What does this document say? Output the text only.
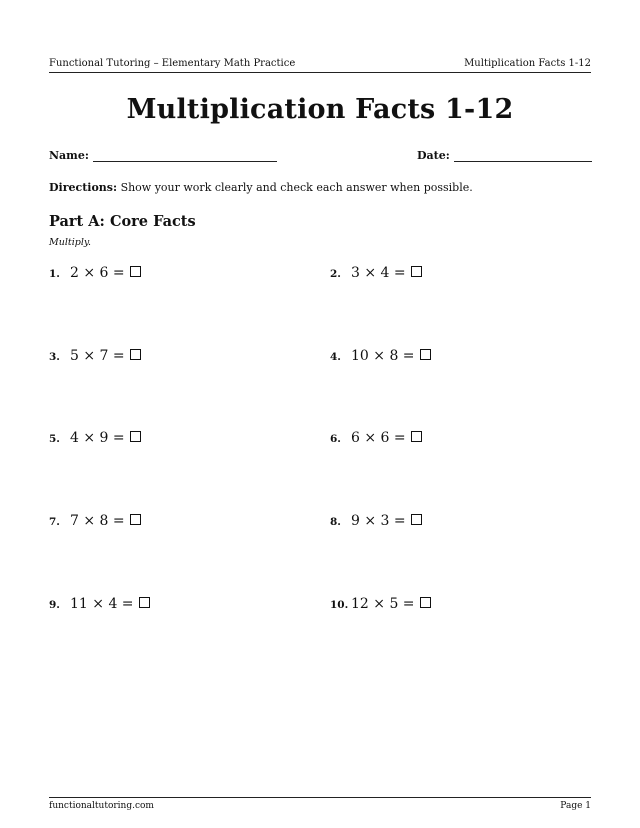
Functional Tutoring – Elementary Math Practice	Multiplication Facts 1-12
Multiplication Facts 1-12
Name:	Date:
Directions: Show your work clearly and check each answer when possible.
Part A: Core Facts
Multiply.
1. 2 × 6 =	2. 3 × 4 =
3. 5 × 7 =	4. 10 × 8 =
5. 4 × 9 =	6. 6 × 6 =
7. 7 × 8 =	8. 9 × 3 =
9. 11 × 4 =	10. 12 × 5 =
functionaltutoring.com	Page 1
